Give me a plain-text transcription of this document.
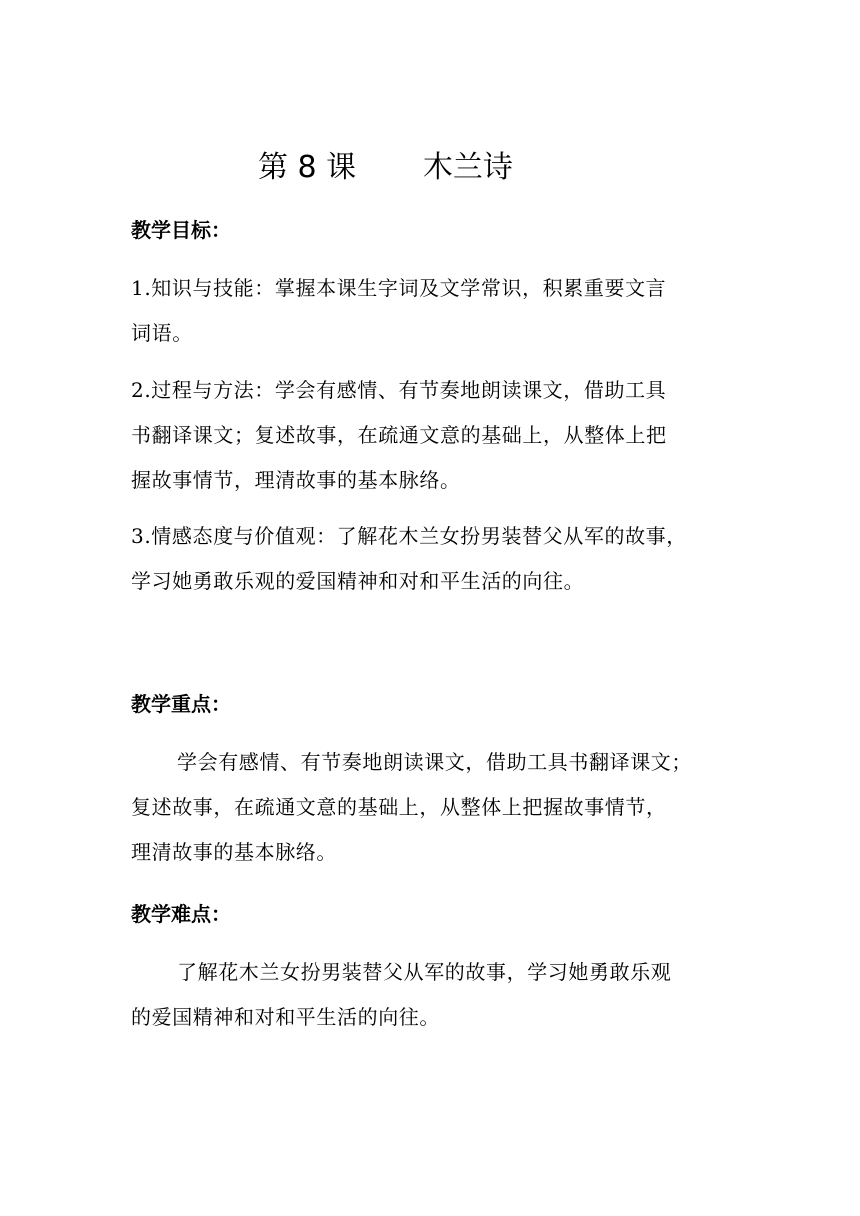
第 8 课       木兰诗
教学目标：
1.知识与技能：掌握本课生字词及文学常识，积累重要文言
词语。
2.过程与方法：学会有感情、有节奏地朗读课文，借助工具
书翻译课文；复述故事，在疏通文意的基础上，从整体上把
握故事情节，理清故事的基本脉络。
3.情感态度与价值观：了解花木兰女扮男装替父从军的故事，
学习她勇敢乐观的爱国精神和对和平生活的向往。
教学重点：
学会有感情、有节奏地朗读课文，借助工具书翻译课文；
复述故事，在疏通文意的基础上，从整体上把握故事情节，
理清故事的基本脉络。
教学难点：
了解花木兰女扮男装替父从军的故事，学习她勇敢乐观
的爱国精神和对和平生活的向往。
